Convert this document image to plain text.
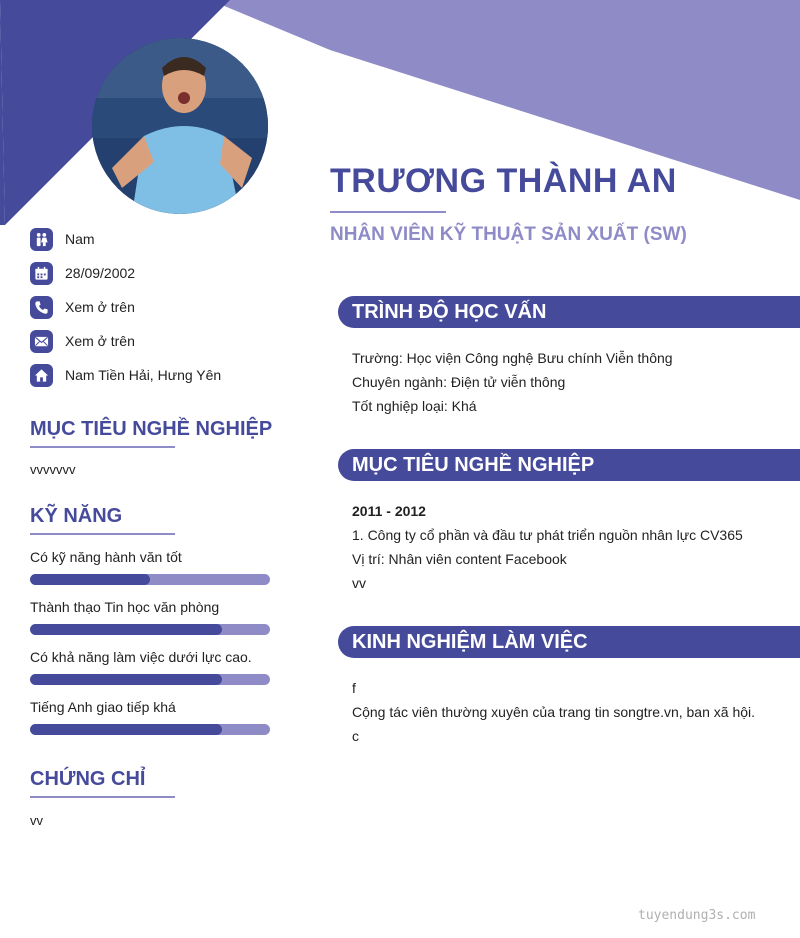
TRƯƠNG THÀNH AN
NHÂN VIÊN KỸ THUẬT SẢN XUẤT (SW)
Nam
28/09/2002
Xem ở trên
Xem ở trên
Nam Tiền Hải, Hưng Yên
MỤC TIÊU NGHỀ NGHIỆP
vvvvvvv
KỸ NĂNG
Có kỹ năng hành văn tốt
Thành thạo Tin học văn phòng
Có khả năng làm việc dưới lực cao.
Tiếng Anh giao tiếp khá
CHỨNG CHỈ
vv
TRÌNH ĐỘ HỌC VẤN
Trường: Học viện Công nghệ Bưu chính Viễn thông
Chuyên ngành: Điện tử viễn thông
Tốt nghiệp loại: Khá
MỤC TIÊU NGHỀ NGHIỆP
2011 - 2012
1. Công ty cổ phần và đầu tư phát triển nguồn nhân lực CV365
Vị trí: Nhân viên content Facebook
vv
KINH NGHIỆM LÀM VIỆC
f
Cộng tác viên thường xuyên của trang tin songtre.vn, ban xã hội.
c
tuyendung3s.com
